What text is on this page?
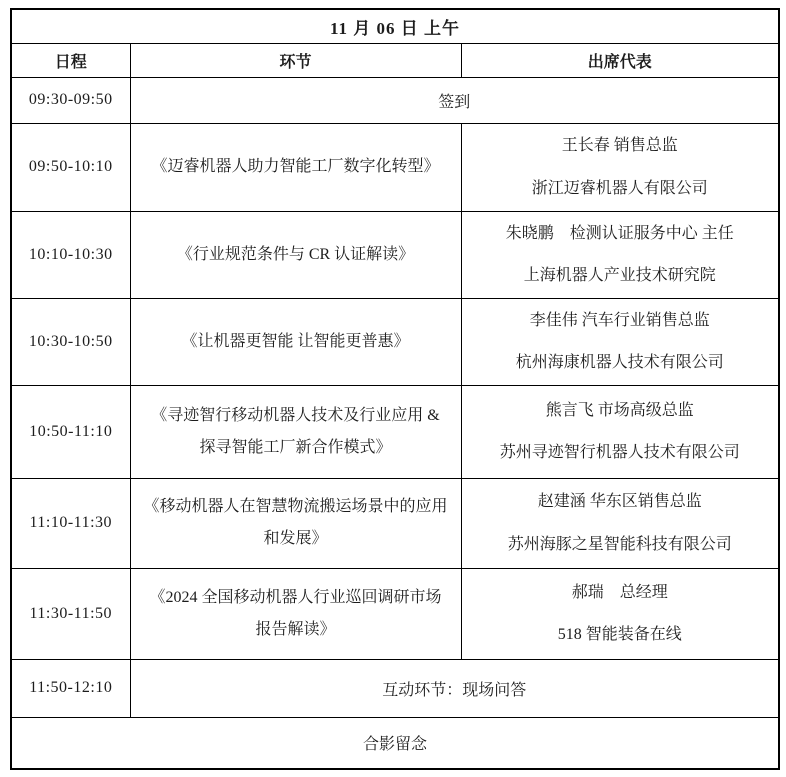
11 月 06 日 上午		
日程	环节	出席代表
09:30-09:50	签到	
09:50-10:10	《迈睿机器人助力智能工厂数字化转型》	王长春 销售总监
浙江迈睿机器人有限公司

10:10-10:30	《行业规范条件与 CR 认证解读》	朱晓鹏　检测认证服务中心 主任
上海机器人产业技术研究院

10:30-10:50	《让机器更智能 让智能更普惠》	李佳伟 汽车行业销售总监
杭州海康机器人技术有限公司

10:50-11:10	《寻迹智行移动机器人技术及行业应用 & 探寻智能工厂新合作模式》	熊言飞 市场高级总监
苏州寻迹智行机器人技术有限公司

11:10-11:30	《移动机器人在智慧物流搬运场景中的应用和发展》	赵建涵 华东区销售总监
苏州海豚之星智能科技有限公司

11:30-11:50	《2024 全国移动机器人行业巡回调研市场报告解读》	郝瑞　总经理
518 智能装备在线

11:50-12:10	互动环节：现场问答	
合影留念		
